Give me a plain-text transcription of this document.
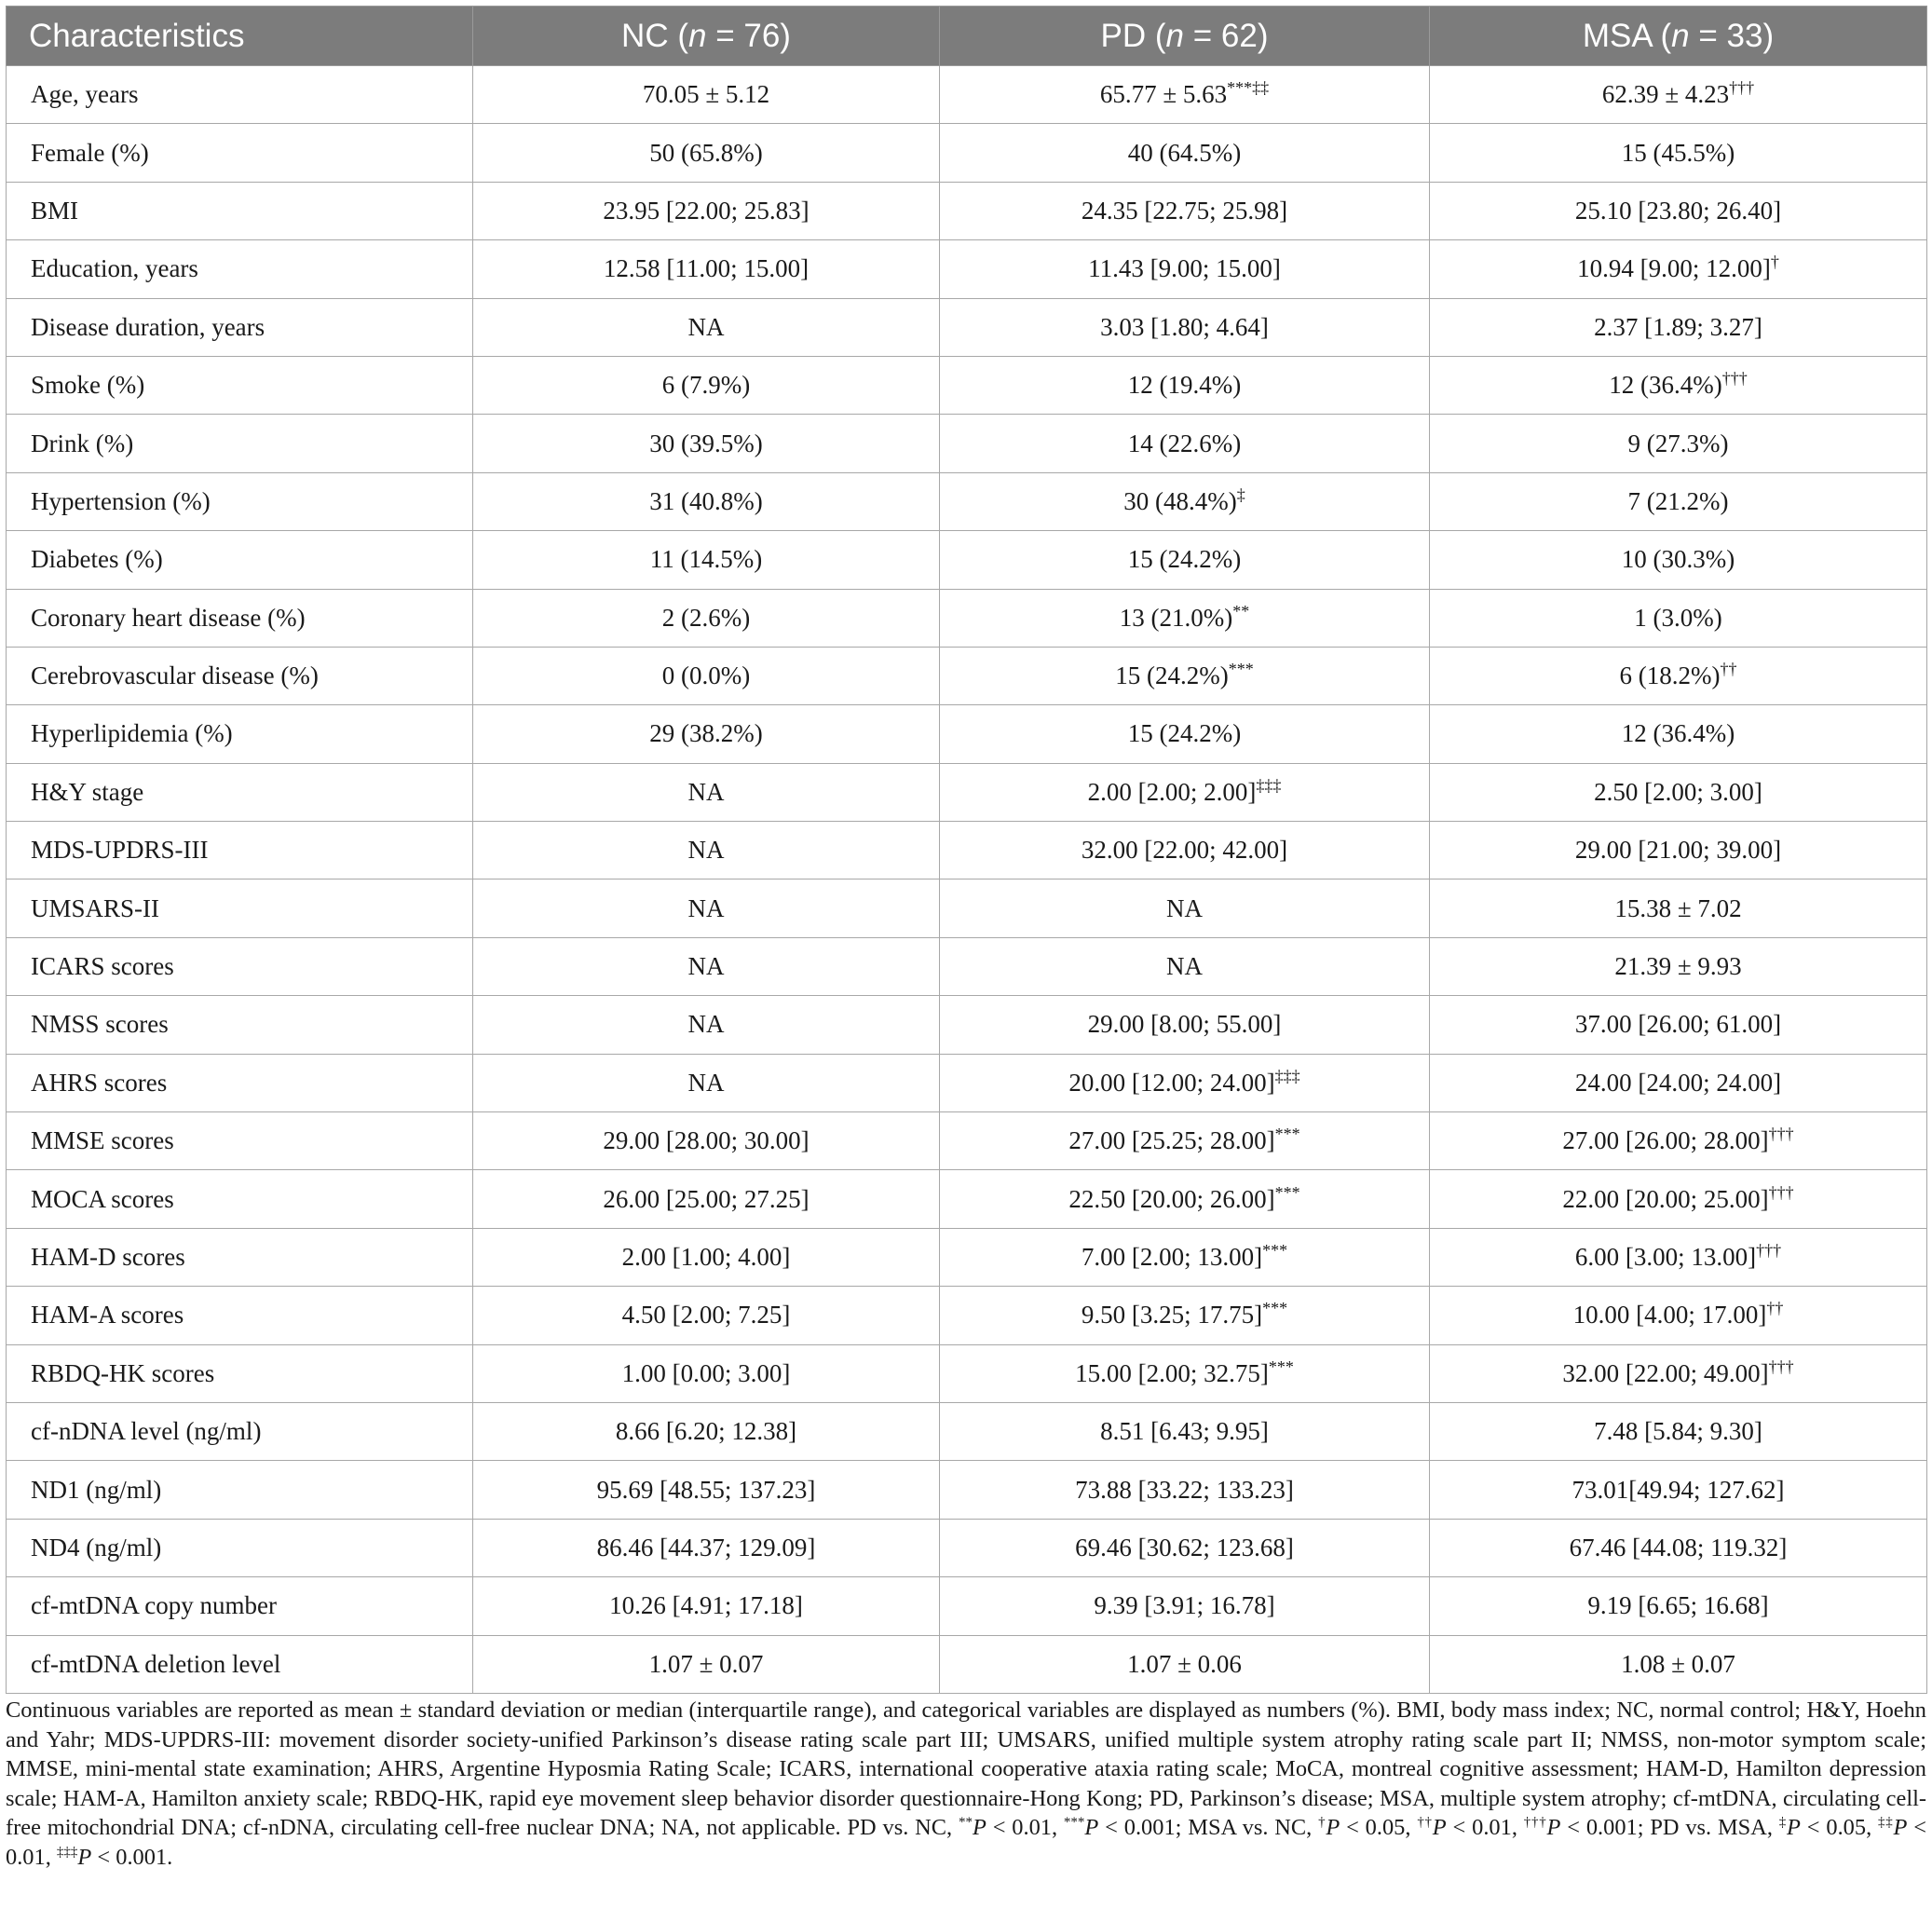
Characteristics	NC (n = 76)	PD (n = 62)	MSA (n = 33)
Age, years	70.05 ± 5.12	65.77 ± 5.63***‡‡	62.39 ± 4.23†††
Female (%)	50 (65.8%)	40 (64.5%)	15 (45.5%)
BMI	23.95 [22.00; 25.83]	24.35 [22.75; 25.98]	25.10 [23.80; 26.40]
Education, years	12.58 [11.00; 15.00]	11.43 [9.00; 15.00]	10.94 [9.00; 12.00]†
Disease duration, years	NA	3.03 [1.80; 4.64]	2.37 [1.89; 3.27]
Smoke (%)	6 (7.9%)	12 (19.4%)	12 (36.4%)†††
Drink (%)	30 (39.5%)	14 (22.6%)	9 (27.3%)
Hypertension (%)	31 (40.8%)	30 (48.4%)‡	7 (21.2%)
Diabetes (%)	11 (14.5%)	15 (24.2%)	10 (30.3%)
Coronary heart disease (%)	2 (2.6%)	13 (21.0%)**	1 (3.0%)
Cerebrovascular disease (%)	0 (0.0%)	15 (24.2%)***	6 (18.2%)††
Hyperlipidemia (%)	29 (38.2%)	15 (24.2%)	12 (36.4%)
H&Y stage	NA	2.00 [2.00; 2.00]‡‡‡	2.50 [2.00; 3.00]
MDS-UPDRS-III	NA	32.00 [22.00; 42.00]	29.00 [21.00; 39.00]
UMSARS-II	NA	NA	15.38 ± 7.02
ICARS scores	NA	NA	21.39 ± 9.93
NMSS scores	NA	29.00 [8.00; 55.00]	37.00 [26.00; 61.00]
AHRS scores	NA	20.00 [12.00; 24.00]‡‡‡	24.00 [24.00; 24.00]
MMSE scores	29.00 [28.00; 30.00]	27.00 [25.25; 28.00]***	27.00 [26.00; 28.00]†††
MOCA scores	26.00 [25.00; 27.25]	22.50 [20.00; 26.00]***	22.00 [20.00; 25.00]†††
HAM-D scores	2.00 [1.00; 4.00]	7.00 [2.00; 13.00]***	6.00 [3.00; 13.00]†††
HAM-A scores	4.50 [2.00; 7.25]	9.50 [3.25; 17.75]***	10.00 [4.00; 17.00]††
RBDQ-HK scores	1.00 [0.00; 3.00]	15.00 [2.00; 32.75]***	32.00 [22.00; 49.00]†††
cf-nDNA level (ng/ml)	8.66 [6.20; 12.38]	8.51 [6.43; 9.95]	7.48 [5.84; 9.30]
ND1 (ng/ml)	95.69 [48.55; 137.23]	73.88 [33.22; 133.23]	73.01[49.94; 127.62]
ND4 (ng/ml)	86.46 [44.37; 129.09]	69.46 [30.62; 123.68]	67.46 [44.08; 119.32]
cf-mtDNA copy number	10.26 [4.91; 17.18]	9.39 [3.91; 16.78]	9.19 [6.65; 16.68]
cf-mtDNA deletion level	1.07 ± 0.07	1.07 ± 0.06	1.08 ± 0.07
Continuous variables are reported as mean ± standard deviation or median (interquartile range), and categorical variables are displayed as numbers (%). BMI, body mass index; NC, normal control; H&Y, Hoehn and Yahr; MDS-UPDRS-III: movement disorder society-unified Parkinson’s disease rating scale part III; UMSARS, unified multiple system atrophy rating scale part II; NMSS, non-motor symptom scale; MMSE, mini-mental state examination; AHRS, Argentine Hyposmia Rating Scale; ICARS, international cooperative ataxia rating scale; MoCA, montreal cognitive assessment; HAM-D, Hamilton depression scale; HAM-A, Hamilton anxiety scale; RBDQ-HK, rapid eye movement sleep behavior disorder questionnaire-Hong Kong; PD, Parkinson’s disease; MSA, multiple system atrophy; cf-mtDNA, circulating cell-free mitochondrial DNA; cf-nDNA, circulating cell-free nuclear DNA; NA, not applicable. PD vs. NC, **P < 0.01, ***P < 0.001; MSA vs. NC, †P < 0.05, ††P < 0.01, †††P < 0.001; PD vs. MSA, ‡P < 0.05, ‡‡P < 0.01, ‡‡‡P < 0.001.
